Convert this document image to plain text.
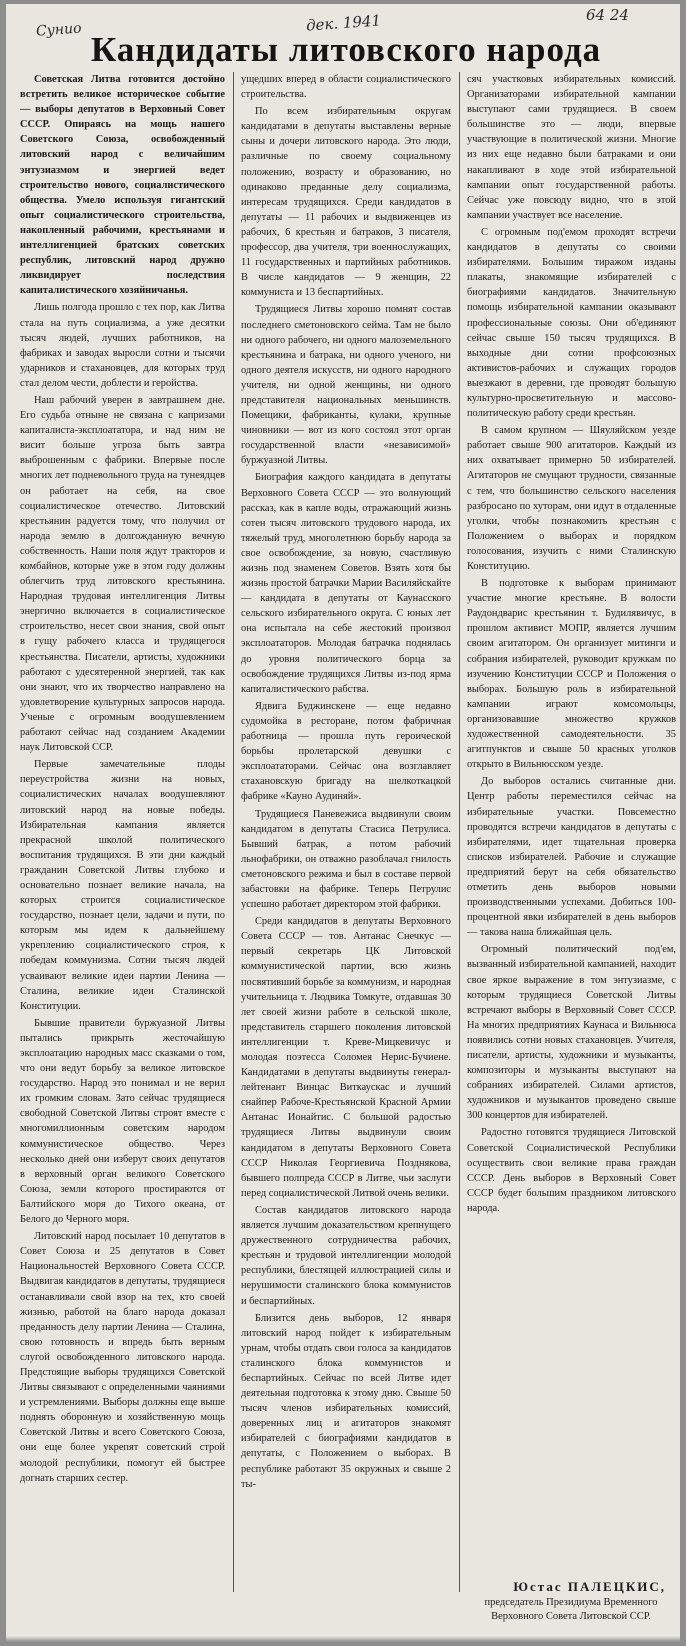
Сунио	дек. 1941	64 24
Кандидаты литовского народа

Советская Литва готовится достойно встретить великое историческое событие — выборы депутатов в Верховный Совет СССР. Опираясь на мощь нашего Советского Союза, освобожденный литовский народ с величайшим энтузиазмом и энергией ведет строительство нового, социалистического общества. Умело используя гигантский опыт социалистического строительства, накопленный рабочими, крестьянами и интеллигенцией братских советских республик, литовский народ дружно ликвидирует последствия капиталистического хозяйничанья.

Лишь полгода прошло с тех пор, как Литва стала на путь социализма, а уже десятки тысяч людей, лучших работников, на фабриках и заводах выросли сотни и тысячи ударников и стахановцев, для которых труд стал делом чести, доблести и геройства.

Наш рабочий уверен в завтрашнем дне. Его судьба отныне не связана с капризами капиталиста-эксплоататора, и над ним не висит больше угроза быть завтра выброшенным с фабрики. Впервые после многих лет подневольного труда на тунеядцев он работает на себя, на свое социалистическое отечество. Литовский крестьянин радуется тому, что получил от народа землю в долгожданную вечную собственность. Наши поля ждут тракторов и комбайнов, которые уже в этом году должны облегчить труд литовского крестьянина. Народная трудовая интеллигенция Литвы энергично включается в социалистическое строительство, несет свои знания, свой опыт в гущу рабочего класса и трудящегося крестьянства. Писатели, артисты, художники работают с удесятеренной энергией, так как они знают, что их творчество направлено на удовлетворение культурных запросов народа. Ученые с огромным воодушевлением работают сейчас над созданием Академии наук Литовской ССР.

Первые замечательные плоды переустройства жизни на новых, социалистических началах воодушевляют литовский народ на новые победы. Избирательная кампания является прекрасной школой политического воспитания трудящихся. В эти дни каждый гражданин Советской Литвы глубоко и основательно познает великие начала, на которых строится социалистическое государство, познает цели, задачи и пути, по которым мы идем к дальнейшему укреплению социалистического строя, к победам коммунизма. Сотни тысяч людей усваивают великие идеи партии Ленина — Сталина, великие идеи Сталинской Конституции.

Бывшие правители буржуазной Литвы пытались прикрыть жесточайшую эксплоатацию народных масс сказками о том, что они ведут борьбу за великое литовское государство. Народ это понимал и не верил их громким словам. Зато сейчас трудящиеся свободной Советской Литвы строят вместе с многомиллионным советским народом коммунистическое общество. Через несколько дней они изберут своих депутатов в верховный орган великого Советского Союза, земли которого простираются от Балтийского моря до Тихого океана, от Белого до Черного моря.

Литовский народ посылает 10 депутатов в Совет Союза и 25 депутатов в Совет Национальностей Верховного Совета СССР. Выдвигая кандидатов в депутаты, трудящиеся останавливали свой взор на тех, кто своей жизнью, работой на благо народа доказал преданность делу партии Ленина — Сталина, свою готовность и впредь быть верным слугой освобожденного литовского народа. Предстоящие выборы трудящихся Советской Литвы связывают с определенными чаяниями и устремлениями. Выборы должны еще выше поднять оборонную и хозяйственную мощь Советской Литвы и всего Советского Союза, они еще более укрепят советский строй молодой республики, помогут ей быстрее догнать старших сестер.

ущедших вперед в области социалистического строительства.

По всем избирательным округам кандидатами в депутаты выставлены верные сыны и дочери литовского народа. Это люди, различные по своему социальному положению, возрасту и образованию, но одинаково преданные делу социализма, интересам трудящихся. Среди кандидатов в депутаты — 11 рабочих и выдвиженцев из рабочих, 6 крестьян и батраков, 3 писателя, профессор, два учителя, три военнослужащих, 11 государственных и партийных работников. В числе кандидатов — 9 женщин, 22 коммуниста и 13 беспартийных.

Трудящиеся Литвы хорошо помнят состав последнего сметоновского сейма. Там не было ни одного рабочего, ни одного малоземельного крестьянина и батрака, ни одного ученого, ни одного деятеля искусств, ни одного народного учителя, ни одной женщины, ни одного представителя национальных меньшинств. Помещики, фабриканты, кулаки, крупные чиновники — вот из кого состоял этот орган государственной власти «независимой» буржуазной Литвы.

Биография каждого кандидата в депутаты Верховного Совета СССР — это волнующий рассказ, как в капле воды, отражающий жизнь сотен тысяч литовского трудового народа, их тяжелый труд, многолетнюю борьбу народа за свое освобождение, за новую, счастливую жизнь под знаменем Советов. Взять хотя бы жизнь простой батрачки Марии Василяйскайте — кандидата в депутаты от Каунасского сельского избирательного округа. С юных лет она испытала на себе жестокий произвол эксплоататоров. Молодая батрачка поднялась до уровня политического борца за освобождение трудящихся Литвы из-под ярма капиталистического рабства.

Ядвига Буджинскене — еще недавно судомойка в ресторане, потом фабричная работница — прошла путь героической борьбы пролетарской девушки с эксплоататорами. Сейчас она возглавляет стахановскую бригаду на шелкоткацкой фабрике «Кауно Аудиняй».

Трудящиеся Паневежиса выдвинули своим кандидатом в депутаты Стасиса Петрулиса. Бывший батрак, а потом рабочий льнофабрики, он отважно разоблачал гнилость сметоновского режима и был в составе первой забастовки на фабрике. Теперь Петрулис успешно работает директором этой фабрики.

Среди кандидатов в депутаты Верховного Совета СССР — тов. Антанас Снечкус — первый секретарь ЦК Литовской коммунистической партии, всю жизнь посвятивший борьбе за коммунизм, и народная учительница т. Людвика Томкуте, отдавшая 30 лет своей жизни работе в сельской школе, представитель старшего поколения литовской интеллигенции т. Креве-Мицкевичус и молодая поэтесса Соломея Нерис-Бучиене. Кандидатами в депутаты выдвинуты генерал-лейтенант Винцас Виткаускас и лучший снайпер Рабоче-Крестьянской Красной Армии Антанас Ионайтис. С большой радостью трудящиеся Литвы выдвинули своим кандидатом в депутаты Верховного Совета СССР Николая Георгиевича Позднякова, бывшего полпреда СССР в Литве, чьи заслуги перед социалистической Литвой очень велики.

Состав кандидатов литовского народа является лучшим доказательством крепнущего дружественного сотрудничества рабочих, крестьян и трудовой интеллигенции молодой республики, блестящей иллюстрацией силы и нерушимости сталинского блока коммунистов и беспартийных.

Близится день выборов, 12 января литовский народ пойдет к избирательным урнам, чтобы отдать свои голоса за кандидатов сталинского блока коммунистов и беспартийных. Сейчас по всей Литве идет деятельная подготовка к этому дню. Свыше 50 тысяч членов избирательных комиссий, доверенных лиц и агитаторов знакомят избирателей с биографиями кандидатов в депутаты, с Положением о выборах. В республике работают 35 окружных и свыше 2 ты-

сяч участковых избирательных комиссий. Организаторами избирательной кампании выступают сами трудящиеся. В своем большинстве это — люди, впервые участвующие в политической жизни. Многие из них еще недавно были батраками и они накапливают в ходе этой избирательной кампании опыт государственной работы. Сейчас уже повсюду видно, что в этой кампании участвует все население.

С огромным под'емом проходят встречи кандидатов в депутаты со своими избирателями. Большим тиражом изданы плакаты, знакомящие избирателей с биографиями кандидатов. Значительную помощь избирательной кампании оказывают профессиональные союзы. Они об'единяют сейчас свыше 150 тысяч трудящихся. В выходные дни сотни профсоюзных активистов-рабочих и служащих городов выезжают в деревни, где проводят большую культурно-просветительную и массово-политическую работу среди крестьян.

В самом крупном — Шяуляйском уезде работает свыше 900 агитаторов. Каждый из них охватывает примерно 50 избирателей. Агитаторов не смущают трудности, связанные с тем, что большинство сельского населения разбросано по хуторам, они идут в отдаленные уголки, чтобы познакомить крестьян с Положением о выборах и порядком голосования, изучить с ними Сталинскую Конституцию.

В подготовке к выборам принимают участие многие крестьяне. В волости Раудондварис крестьянин т. Будилявичус, в прошлом активист МОПР, является лучшим своим агитатором. Он организует митинги и собрания избирателей, руководит кружкам по изучению Конституции СССР и Положения о выборах. Большую роль в избирательной кампании играют комсомольцы, организовавшие множество кружков художественной самодеятельности. 35 агитпунктов и свыше 50 красных уголков открыто в Вильнюсском уезде.

До выборов остались считанные дни. Центр работы переместился сейчас на избирательные участки. Повсеместно проводятся встречи кандидатов в депутаты с избирателями, идет тщательная проверка списков избирателей. Рабочие и служащие предприятий берут на себя обязательство отметить день выборов новыми производственными успехами. Добиться 100-процентной явки избирателей в день выборов — такова наша ближайшая цель.

Огромный политический под'ем, вызванный избирательной кампанией, находит свое яркое выражение в том энтузиазме, с которым трудящиеся Советской Литвы встречают выборы в Верховный Совет СССР. На многих предприятиях Каунаса и Вильнюса появились сотни новых стахановцев. Учителя, писатели, артисты, художники и музыканты, композиторы и музыканты выступают на собраниях избирателей. Силами артистов, художников и музыкантов проведено свыше 300 концертов для избирателей.

Радостно готовятся трудящиеся Литовской Советской Социалистической Республики осуществить свои великие права граждан СССР. День выборов в Верховный Совет СССР будет большим праздником литовского народа.

Юстас ПАЛЕЦКИС,
председатель Президиума Временного Верховного Совета Литовской ССР.
